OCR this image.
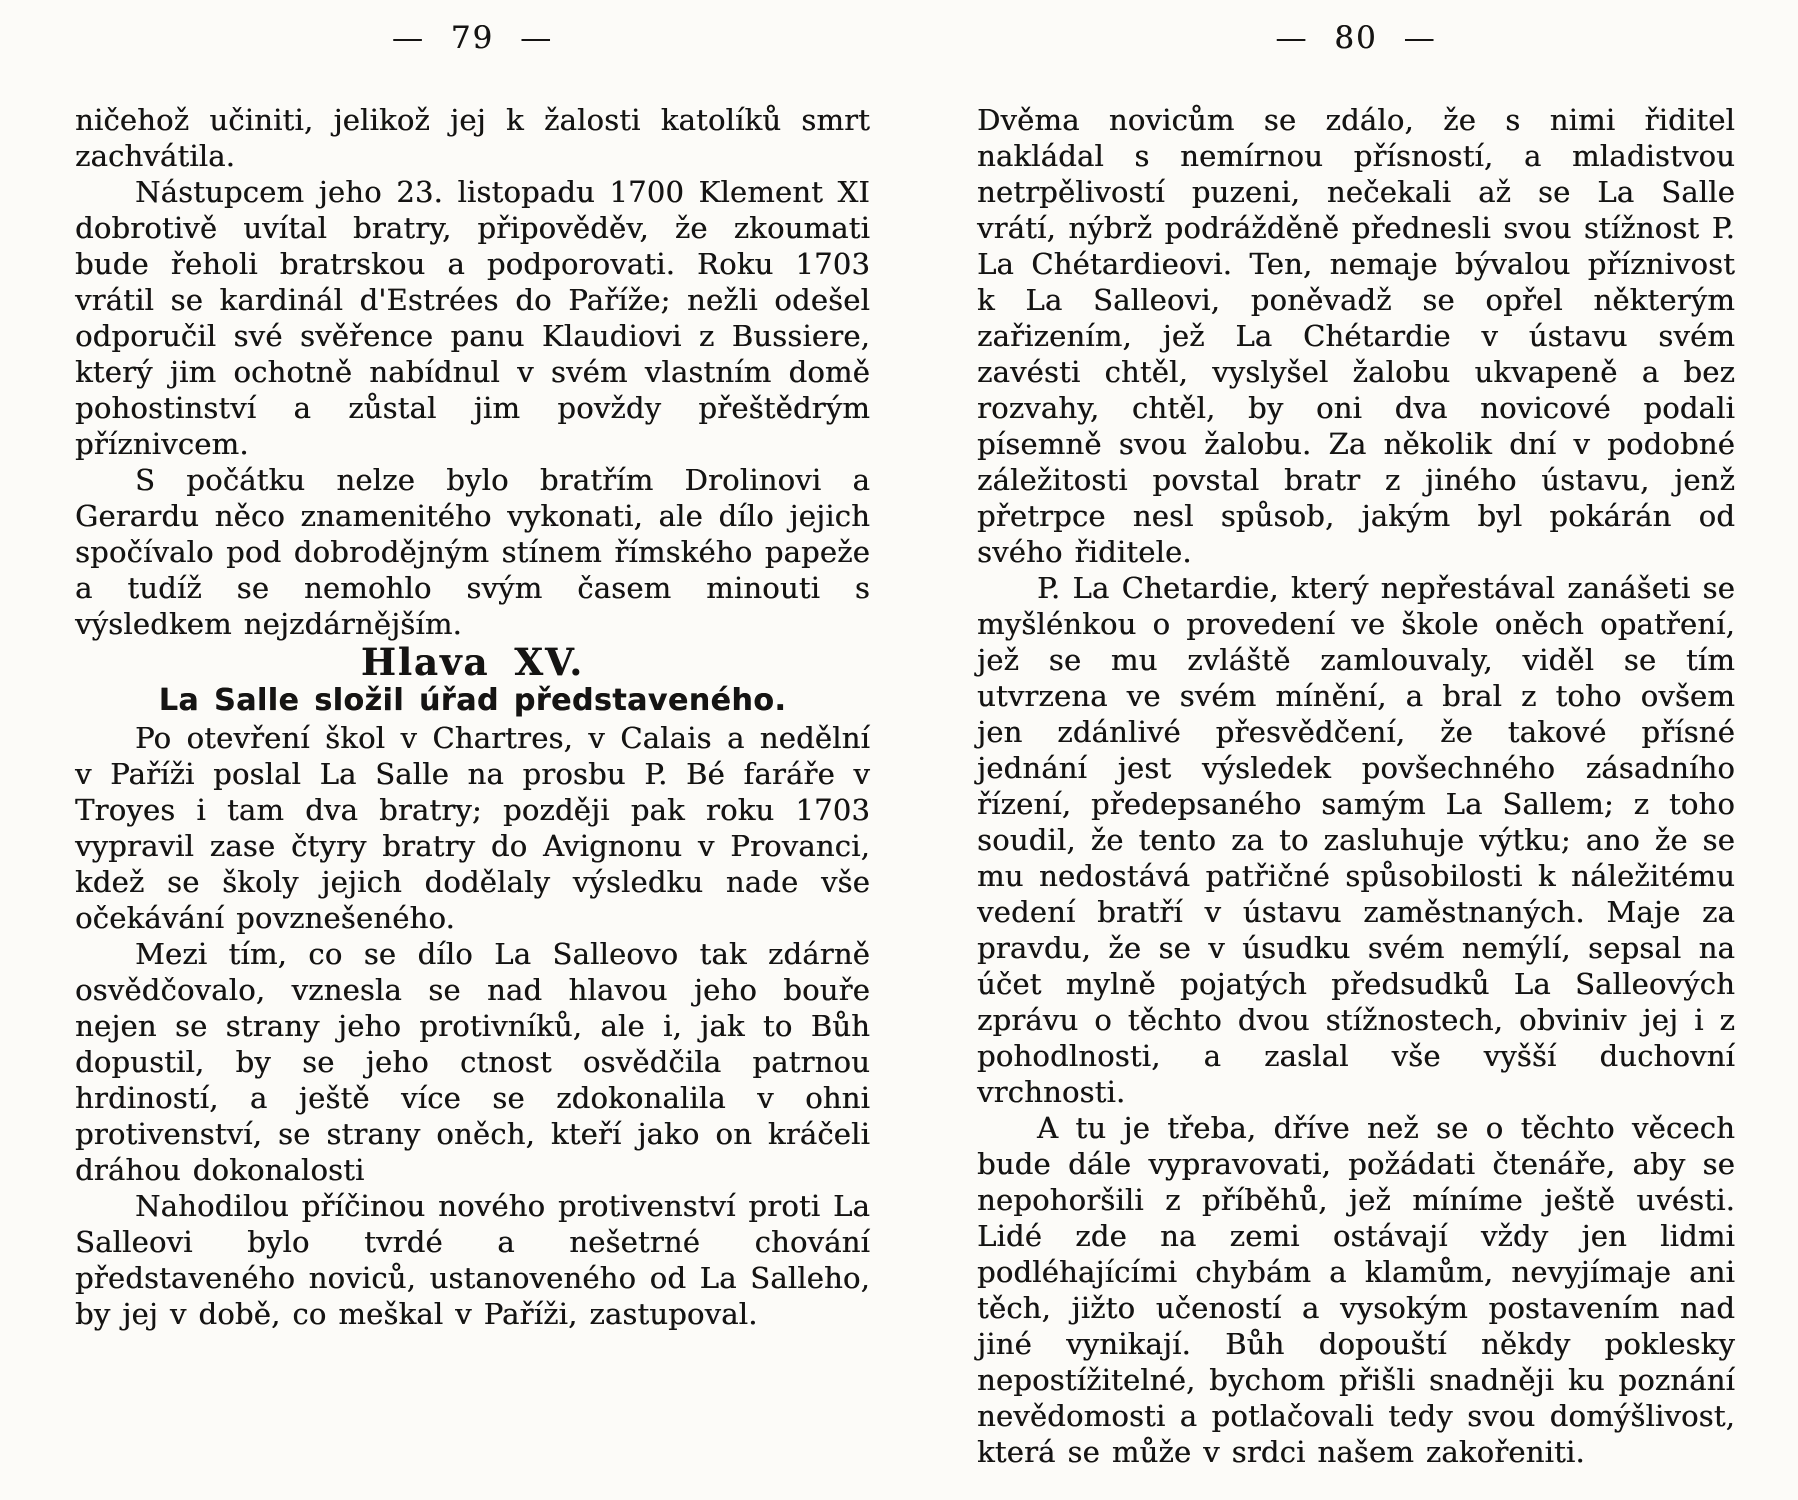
— 79 —

ničehož učiniti, jelikož jej k žalosti katolíků smrt zachvátila.

Nástupcem jeho 23. listopadu 1700 Klement XI dobrotivě uvítal bratry, připověděv, že zkoumati bude řeholi bratrskou a podporovati. Roku 1703 vrátil se kardinál d'Estrées do Paříže; nežli odešel odporučil své svěřence panu Klaudiovi z Bussiere, který jim ochotně nabídnul v svém vlastním domě pohostinství a zůstal jim povždy přeštědrým příznivcem.

S počátku nelze bylo bratřím Drolinovi a Gerardu něco znamenitého vykonati, ale dílo jejich spočívalo pod dobrodějným stínem římského papeže a tudíž se nemohlo svým časem minouti s výsledkem nejzdárnějším.

Hlava XV.

La Salle složil úřad představeného.

Po otevření škol v Chartres, v Calais a nedělní v Paříži poslal La Salle na prosbu P. Bé faráře v Troyes i tam dva bratry; později pak roku 1703 vypravil zase čtyry bratry do Avignonu v Provanci, kdež se školy jejich dodělaly výsledku nade vše očekávání povznešeného.

Mezi tím, co se dílo La Salleovo tak zdárně osvědčovalo, vznesla se nad hlavou jeho bouře nejen se strany jeho protivníků, ale i, jak to Bůh dopustil, by se jeho ctnost osvědčila patrnou hrdiností, a ještě více se zdokonalila v ohni protivenství, se strany oněch, kteří jako on kráčeli dráhou dokonalosti

Nahodilou příčinou nového protivenství proti La Salleovi bylo tvrdé a nešetrné chování představeného noviců, ustanoveného od La Salleho, by jej v době, co meškal v Paříži, zastupoval.

— 80 —

Dvěma novicům se zdálo, že s nimi řiditel nakládal s nemírnou přísností, a mladistvou netrpělivostí puzeni, nečekali až se La Salle vrátí, nýbrž podrážděně přednesli svou stížnost P. La Chétardieovi. Ten, nemaje bývalou příznivost k La Salleovi, poněvadž se opřel některým zařizením, jež La Chétardie v ústavu svém zavésti chtěl, vyslyšel žalobu ukvapeně a bez rozvahy, chtěl, by oni dva novicové podali písemně svou žalobu. Za několik dní v podobné záležitosti povstal bratr z jiného ústavu, jenž přetrpce nesl spůsob, jakým byl pokárán od svého řiditele.

P. La Chetardie, který nepřestával zanášeti se myšlénkou o provedení ve škole oněch opatření, jež se mu zvláště zamlouvaly, viděl se tím utvrzena ve svém mínění, a bral z toho ovšem jen zdánlivé přesvědčení, že takové přísné jednání jest výsledek povšechného zásadního řízení, předepsaného samým La Sallem; z toho soudil, že tento za to zasluhuje výtku; ano že se mu nedostává patřičné spůsobilosti k náležitému vedení bratří v ústavu zaměstnaných. Maje za pravdu, že se v úsudku svém nemýlí, sepsal na účet mylně pojatých předsudků La Salleových zprávu o těchto dvou stížnostech, obviniv jej i z pohodlnosti, a zaslal vše vyšší duchovní vrchnosti.

A tu je třeba, dříve než se o těchto věcech bude dále vypravovati, požádati čtenáře, aby se nepohoršili z příběhů, jež míníme ještě uvésti. Lidé zde na zemi ostávají vždy jen lidmi podléhajícími chybám a klamům, nevyjímaje ani těch, jižto učeností a vysokým postavením nad jiné vynikají. Bůh dopouští někdy poklesky nepostížitelné, bychom přišli snadněji ku poznání nevědomosti a potlačovali tedy svou domýšlivost, která se může v srdci našem zakořeniti.
